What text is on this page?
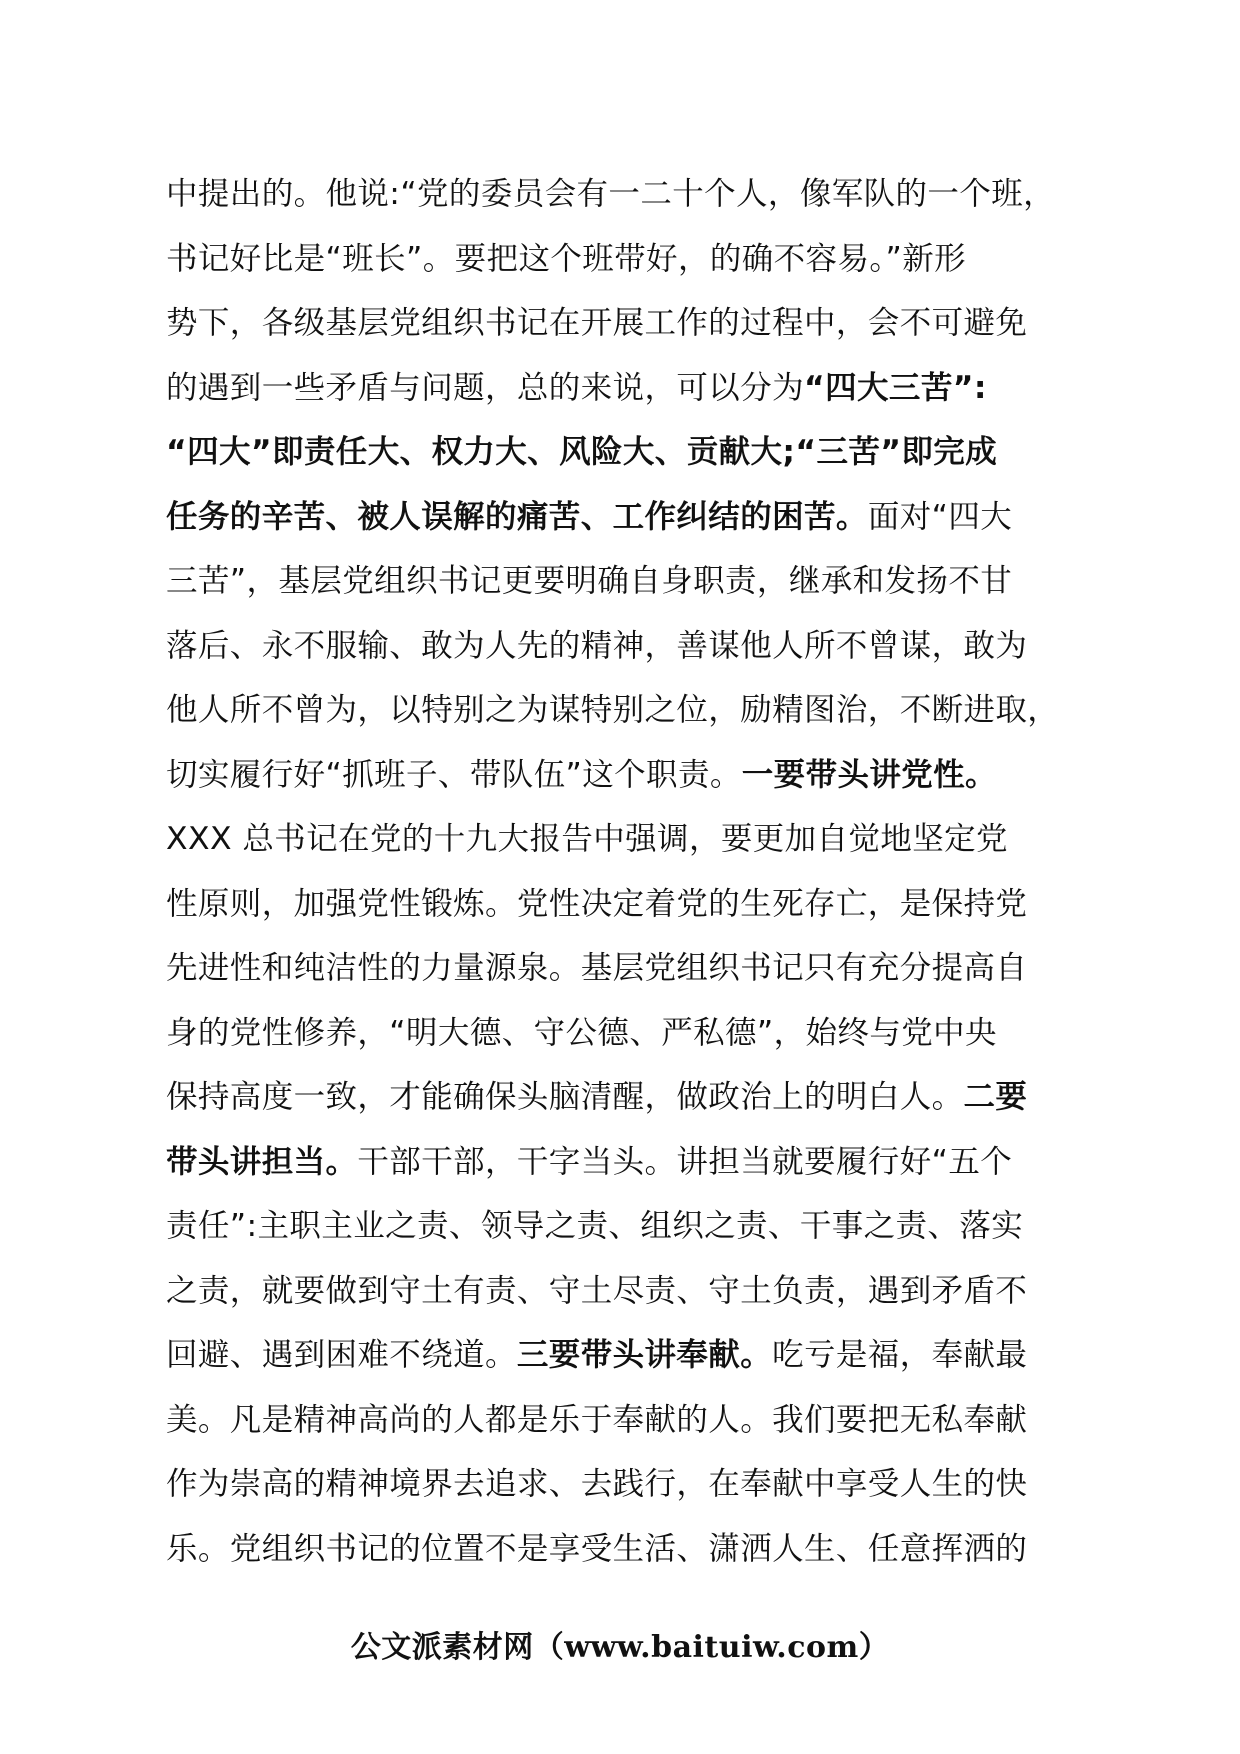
中提出的。他说:“党的委员会有一二十个人，像军队的一个班，
书记好比是“班长”。要把这个班带好，的确不容易。”新形
势下，各级基层党组织书记在开展工作的过程中，会不可避免
的遇到一些矛盾与问题，总的来说，可以分为“四大三苦”:
“四大”即责任大、权力大、风险大、贡献大;“三苦”即完成
任务的辛苦、被人误解的痛苦、工作纠结的困苦。面对“四大
三苦”，基层党组织书记更要明确自身职责，继承和发扬不甘
落后、永不服输、敢为人先的精神，善谋他人所不曾谋，敢为
他人所不曾为，以特别之为谋特别之位，励精图治，不断进取，
切实履行好“抓班子、带队伍”这个职责。一要带头讲党性。
XXX 总书记在党的十九大报告中强调，要更加自觉地坚定党
性原则，加强党性锻炼。党性决定着党的生死存亡，是保持党
先进性和纯洁性的力量源泉。基层党组织书记只有充分提高自
身的党性修养，“明大德、守公德、严私德”，始终与党中央
保持高度一致，才能确保头脑清醒，做政治上的明白人。二要
带头讲担当。干部干部，干字当头。讲担当就要履行好“五个
责任”:主职主业之责、领导之责、组织之责、干事之责、落实
之责，就要做到守土有责、守土尽责、守土负责，遇到矛盾不
回避、遇到困难不绕道。三要带头讲奉献。吃亏是福，奉献最
美。凡是精神高尚的人都是乐于奉献的人。我们要把无私奉献
作为崇高的精神境界去追求、去践行，在奉献中享受人生的快
乐。党组织书记的位置不是享受生活、潇洒人生、任意挥洒的
公文派素材网（www.baituiw.com）
